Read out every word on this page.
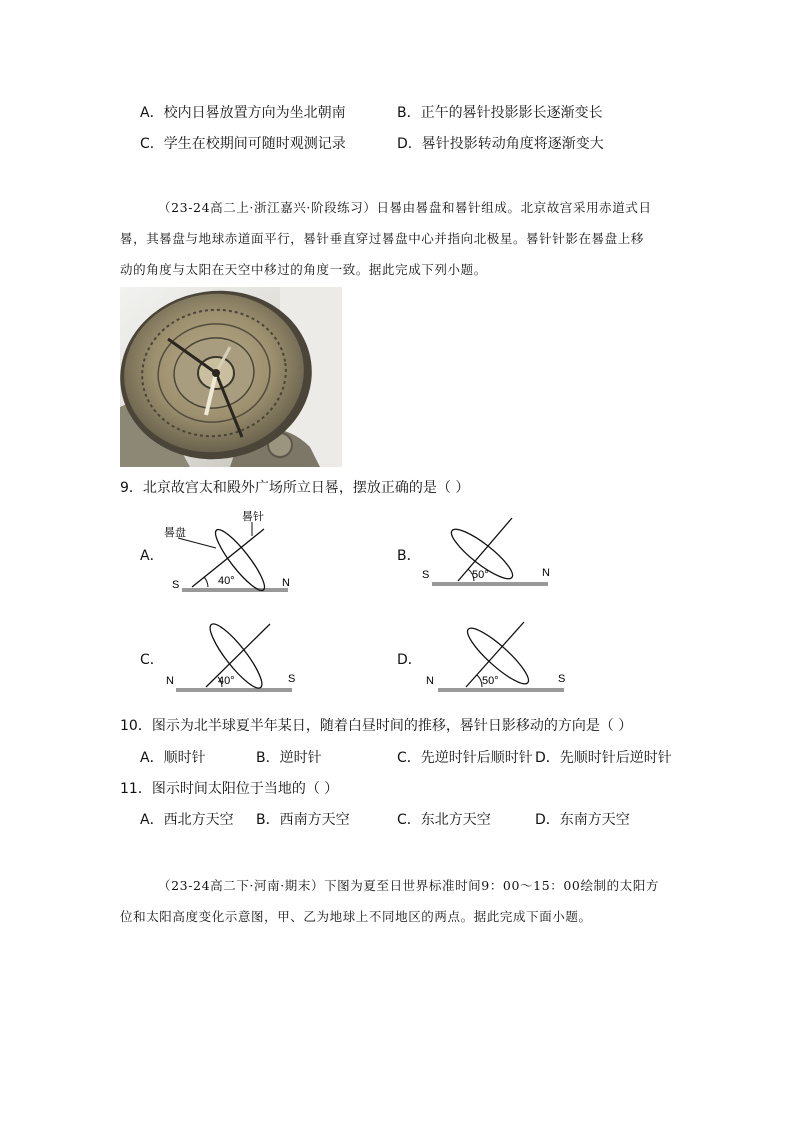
A．校内日晷放置方向为坐北朝南	B．正午的晷针投影影长逐渐变长
C．学生在校期间可随时观测记录	D．晷针投影转动角度将逐渐变大
（23-24高二上·浙江嘉兴·阶段练习）日晷由晷盘和晷针组成。北京故宫采用赤道式日
晷，其晷盘与地球赤道面平行，晷针垂直穿过晷盘中心并指向北极星。晷针针影在晷盘上移
动的角度与太阳在天空中移过的角度一致。据此完成下列小题。
9．北京故宫太和殿外广场所立日晷，摆放正确的是（ ）
A．
S	N
40°
晷盘
晷针
B．
S	N
50°
C．
N	S
40°
D．
N	S
50°
10．图示为北半球夏半年某日，随着白昼时间的推移，晷针日影移动的方向是（ ）
A．顺时针	B．逆时针	C．先逆时针后顺时针 D．先顺时针后逆时针
11．图示时间太阳位于当地的（ ）
A．西北方天空 B．西南方天空	C．东北方天空	D．东南方天空
（23-24高二下·河南·期末）下图为夏至日世界标准时间9：00～15：00绘制的太阳方
位和太阳高度变化示意图，甲、乙为地球上不同地区的两点。据此完成下面小题。
